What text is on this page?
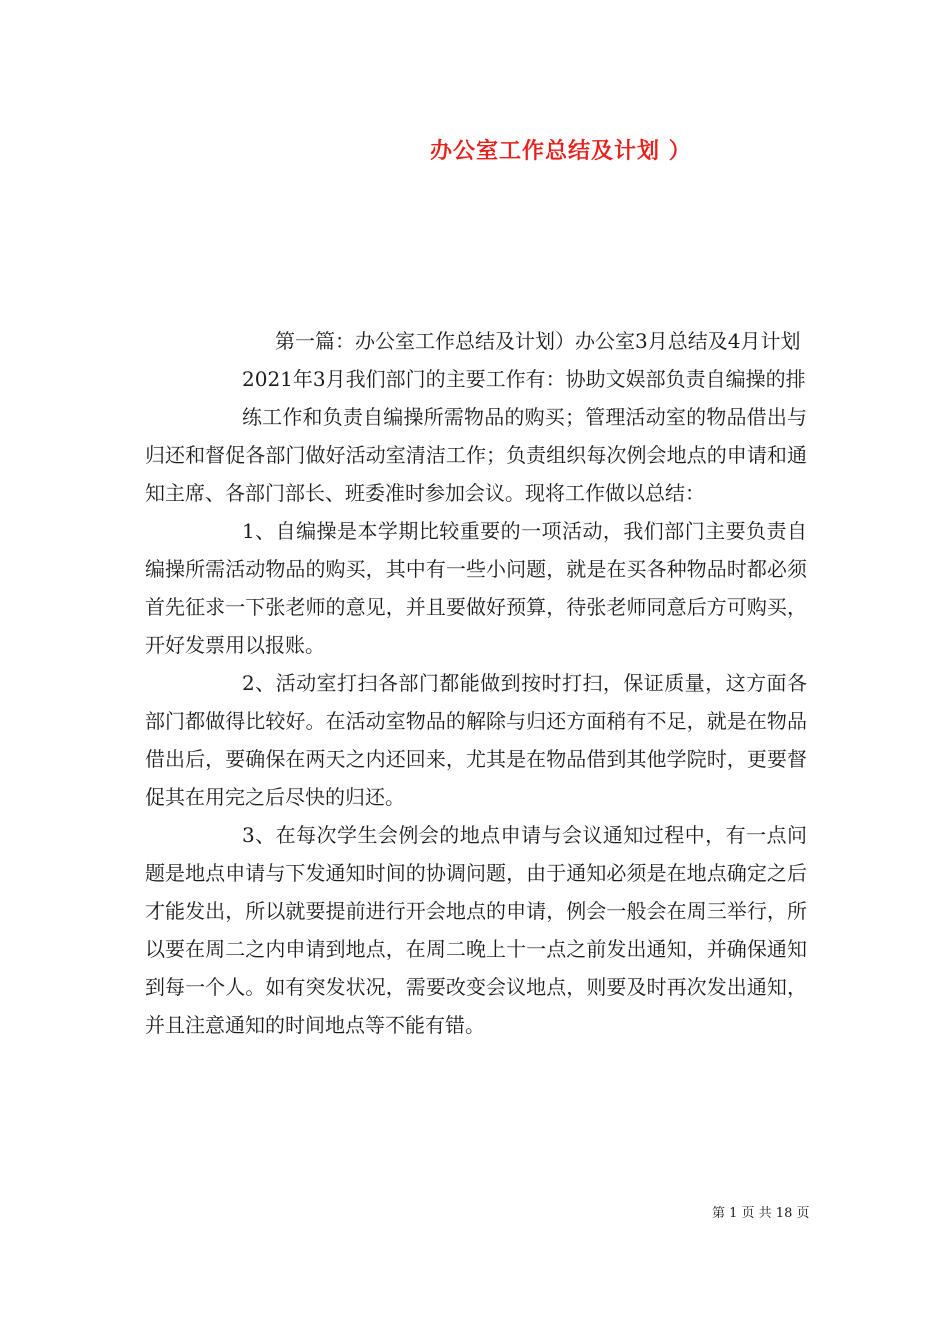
办公室工作总结及计划 ）

第一篇：办公室工作总结及计划）办公室3月总结及4月计划

2021年3月我们部门的主要工作有：协助文娱部负责自编操的排

练工作和负责自编操所需物品的购买；管理活动室的物品借出与归还和督促各部门做好活动室清洁工作；负责组织每次例会地点的申请和通知主席、各部门部长、班委准时参加会议。现将工作做以总结：

1、自编操是本学期比较重要的一项活动，我们部门主要负责自编操所需活动物品的购买，其中有一些小问题，就是在买各种物品时都必须首先征求一下张老师的意见，并且要做好预算，待张老师同意后方可购买，开好发票用以报账。

2、活动室打扫各部门都能做到按时打扫，保证质量，这方面各部门都做得比较好。在活动室物品的解除与归还方面稍有不足，就是在物品借出后，要确保在两天之内还回来，尤其是在物品借到其他学院时，更要督促其在用完之后尽快的归还。

3、在每次学生会例会的地点申请与会议通知过程中，有一点问题是地点申请与下发通知时间的协调问题，由于通知必须是在地点确定之后才能发出，所以就要提前进行开会地点的申请，例会一般会在周三举行，所以要在周二之内申请到地点，在周二晚上十一点之前发出通知，并确保通知到每一个人。如有突发状况，需要改变会议地点，则要及时再次发出通知，并且注意通知的时间地点等不能有错。

第 1 页 共 18 页
